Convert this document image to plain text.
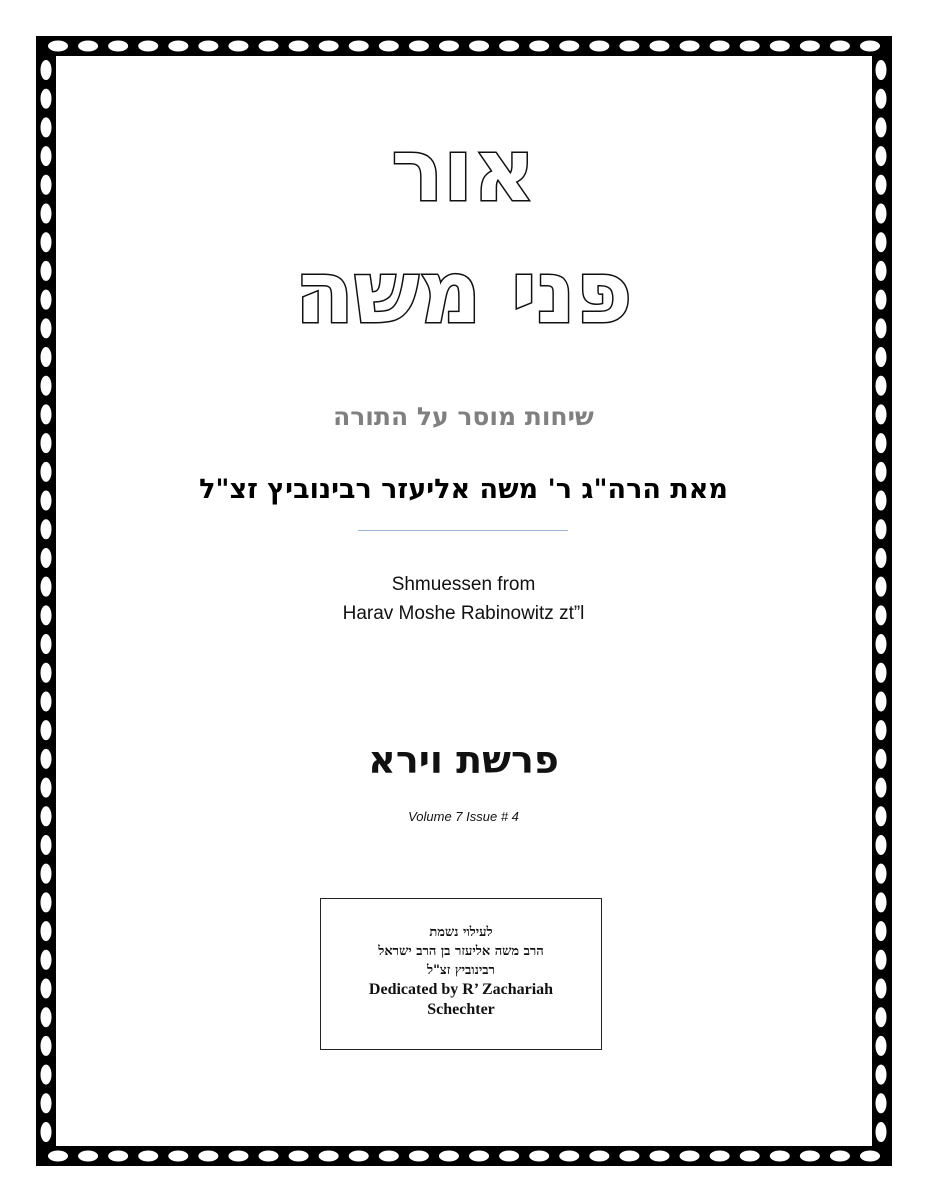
אור
פני משה
שיחות מוסר על התורה
מאת הרה"ג ר' משה אליעזר רבינוביץ זצ"ל
Shmuessen from
Harav Moshe Rabinowitz zt”l
פרשת וירא
Volume 7 Issue # 4
לעילוי נשמת
הרב משה אליעזר בן הרב ישראל
רבינוביץ זצ"ל
Dedicated by R’ Zachariah
Schechter
